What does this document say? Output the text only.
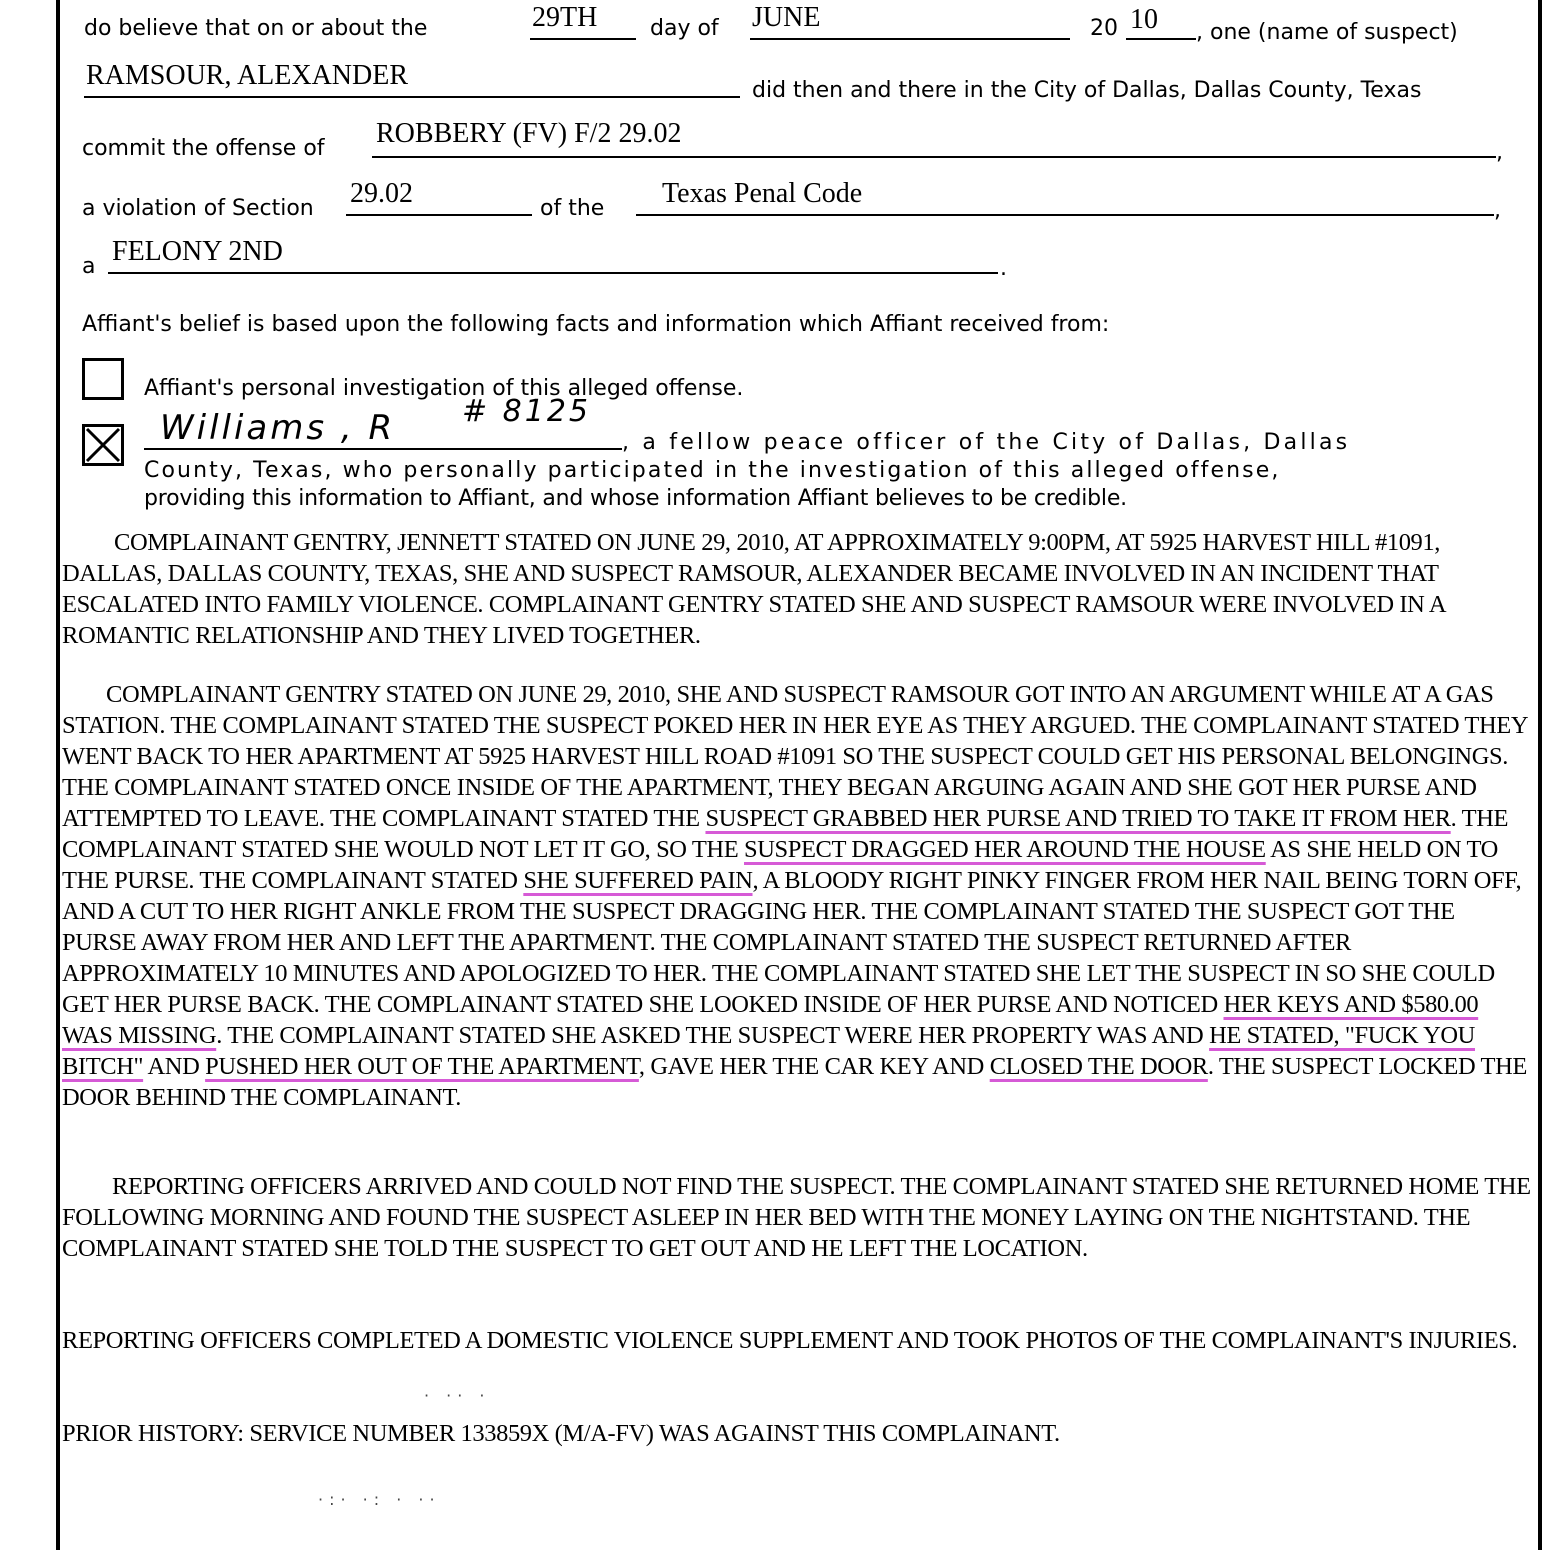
do believe that on or about the	29TH day of JUNE	20 10 , one (name of suspect)
RAMSOUR, ALEXANDER	did then and there in the City of Dallas, Dallas County, Texas
commit the offense of ROBBERY (FV) F/2 29.02
,
a violation of Section 29.02	of the Texas Penal Code
,
a FELONY 2ND
.
Affiant's belief is based upon the following facts and information which Affiant received from:
Affiant's personal investigation of this alleged offense.
Williams , R # 8125
, a fellow peace officer of the City of Dallas, Dallas
County, Texas, who personally participated in the investigation of this alleged offense,
providing this information to Affiant, and whose information Affiant believes to be credible.

COMPLAINANT GENTRY, JENNETT STATED ON JUNE 29, 2010, AT APPROXIMATELY 9:00PM, AT 5925 HARVEST HILL #1091, DALLAS, DALLAS COUNTY, TEXAS, SHE AND SUSPECT RAMSOUR, ALEXANDER BECAME INVOLVED IN AN INCIDENT THAT ESCALATED INTO FAMILY VIOLENCE. COMPLAINANT GENTRY STATED SHE AND SUSPECT RAMSOUR WERE INVOLVED IN A ROMANTIC RELATIONSHIP AND THEY LIVED TOGETHER.

COMPLAINANT GENTRY STATED ON JUNE 29, 2010, SHE AND SUSPECT RAMSOUR GOT INTO AN ARGUMENT WHILE AT A GAS STATION. THE COMPLAINANT STATED THE SUSPECT POKED HER IN HER EYE AS THEY ARGUED. THE COMPLAINANT STATED THEY WENT BACK TO HER APARTMENT AT 5925 HARVEST HILL ROAD #1091 SO THE SUSPECT COULD GET HIS PERSONAL BELONGINGS. THE COMPLAINANT STATED ONCE INSIDE OF THE APARTMENT, THEY BEGAN ARGUING AGAIN AND SHE GOT HER PURSE AND ATTEMPTED TO LEAVE. THE COMPLAINANT STATED THE SUSPECT GRABBED HER PURSE AND TRIED TO TAKE IT FROM HER. THE COMPLAINANT STATED SHE WOULD NOT LET IT GO, SO THE SUSPECT DRAGGED HER AROUND THE HOUSE AS SHE HELD ON TO THE PURSE. THE COMPLAINANT STATED SHE SUFFERED PAIN, A BLOODY RIGHT PINKY FINGER FROM HER NAIL BEING TORN OFF, AND A CUT TO HER RIGHT ANKLE FROM THE SUSPECT DRAGGING HER. THE COMPLAINANT STATED THE SUSPECT GOT THE PURSE AWAY FROM HER AND LEFT THE APARTMENT. THE COMPLAINANT STATED THE SUSPECT RETURNED AFTER APPROXIMATELY 10 MINUTES AND APOLOGIZED TO HER. THE COMPLAINANT STATED SHE LET THE SUSPECT IN SO SHE COULD GET HER PURSE BACK. THE COMPLAINANT STATED SHE LOOKED INSIDE OF HER PURSE AND NOTICED HER KEYS AND $580.00 WAS MISSING. THE COMPLAINANT STATED SHE ASKED THE SUSPECT WERE HER PROPERTY WAS AND HE STATED, "FUCK YOU BITCH" AND PUSHED HER OUT OF THE APARTMENT, GAVE HER THE CAR KEY AND CLOSED THE DOOR. THE SUSPECT LOCKED THE DOOR BEHIND THE COMPLAINANT.

REPORTING OFFICERS ARRIVED AND COULD NOT FIND THE SUSPECT. THE COMPLAINANT STATED SHE RETURNED HOME THE FOLLOWING MORNING AND FOUND THE SUSPECT ASLEEP IN HER BED WITH THE MONEY LAYING ON THE NIGHTSTAND. THE COMPLAINANT STATED SHE TOLD THE SUSPECT TO GET OUT AND HE LEFT THE LOCATION.

REPORTING OFFICERS COMPLETED A DOMESTIC VIOLENCE SUPPLEMENT AND TOOK PHOTOS OF THE COMPLAINANT'S INJURIES.

PRIOR HISTORY: SERVICE NUMBER 133859X (M/A-FV) WAS AGAINST THIS COMPLAINANT.

· ·· ·
·:· ·: · ··
